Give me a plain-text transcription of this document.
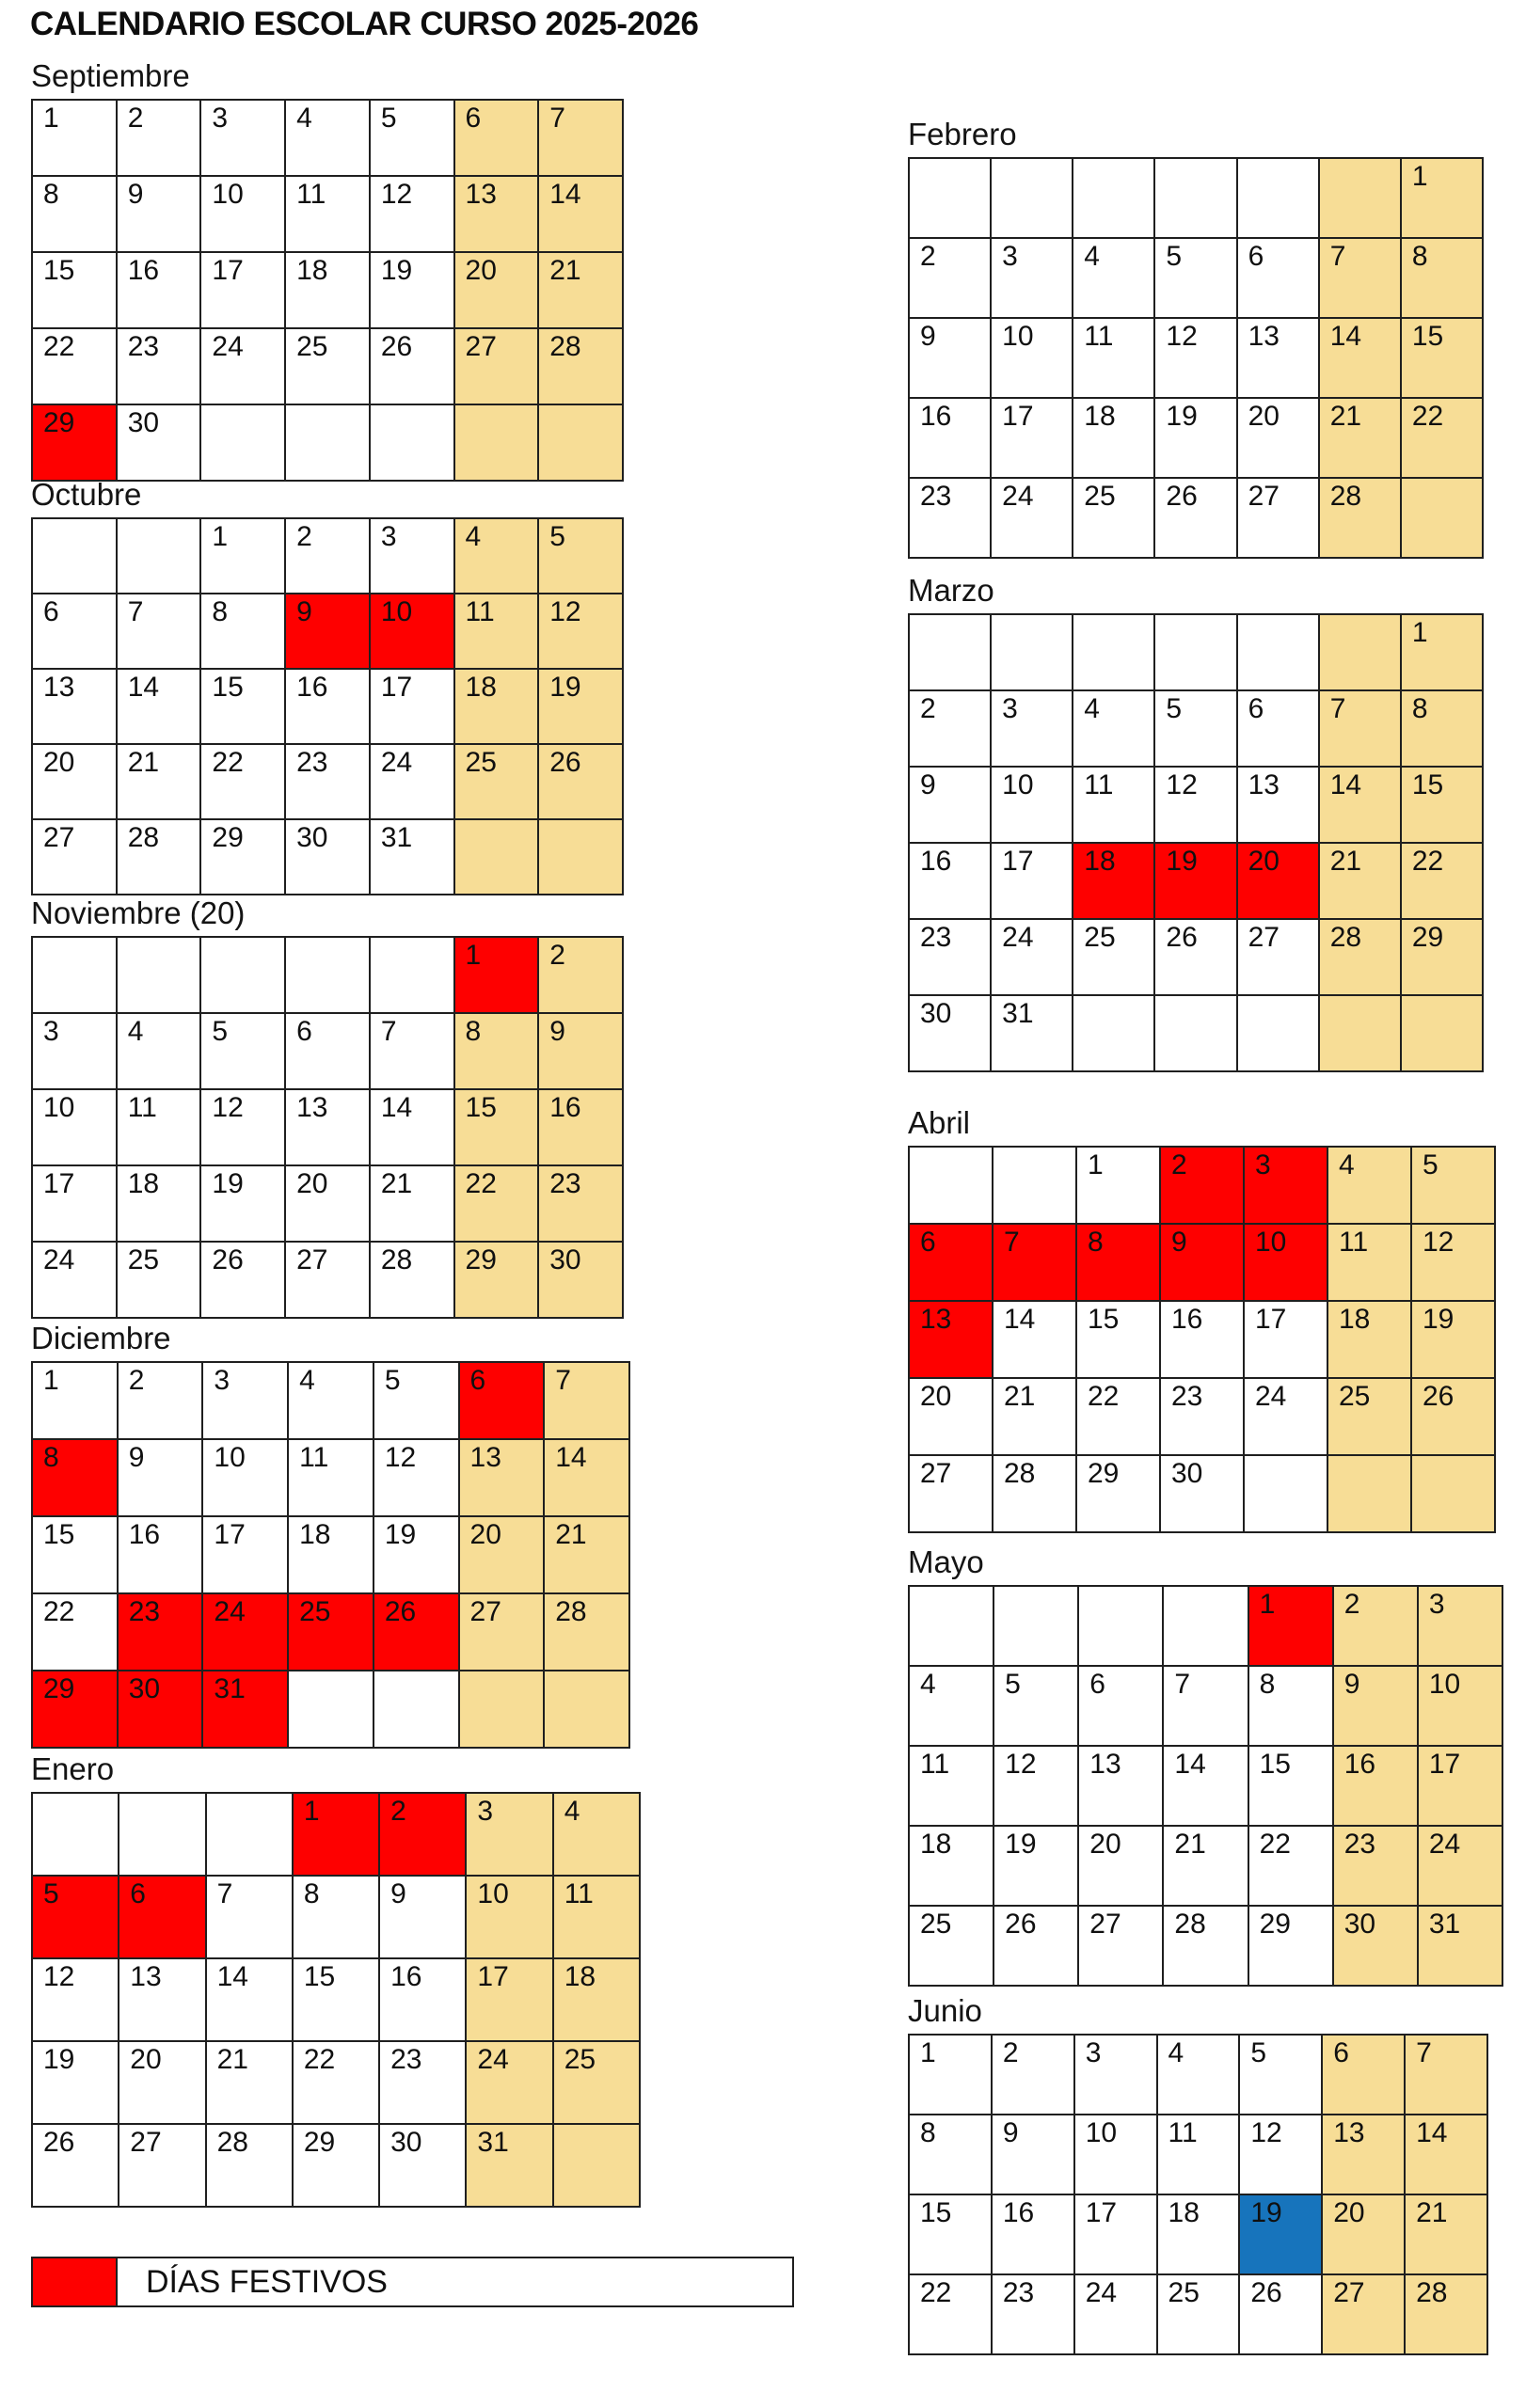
CALENDARIO ESCOLAR CURSO 2025-2026
Septiembre
1	2	3	4	5	6	7
8	9	10	11	12	13	14
15	16	17	18	19	20	21
22	23	24	25	26	27	28
29	30					
Octubre
		1	2	3	4	5
6	7	8	9	10	11	12
13	14	15	16	17	18	19
20	21	22	23	24	25	26
27	28	29	30	31		
Noviembre (20)
					1	2
3	4	5	6	7	8	9
10	11	12	13	14	15	16
17	18	19	20	21	22	23
24	25	26	27	28	29	30
Diciembre
1	2	3	4	5	6	7
8	9	10	11	12	13	14
15	16	17	18	19	20	21
22	23	24	25	26	27	28
29	30	31				
Enero
			1	2	3	4
5	6	7	8	9	10	11
12	13	14	15	16	17	18
19	20	21	22	23	24	25
26	27	28	29	30	31	
Febrero
						1
2	3	4	5	6	7	8
9	10	11	12	13	14	15
16	17	18	19	20	21	22
23	24	25	26	27	28	
Marzo
						1
2	3	4	5	6	7	8
9	10	11	12	13	14	15
16	17	18	19	20	21	22
23	24	25	26	27	28	29
30	31					
Abril
		1	2	3	4	5
6	7	8	9	10	11	12
13	14	15	16	17	18	19
20	21	22	23	24	25	26
27	28	29	30			
Mayo
				1	2	3
4	5	6	7	8	9	10
11	12	13	14	15	16	17
18	19	20	21	22	23	24
25	26	27	28	29	30	31
Junio
1	2	3	4	5	6	7
8	9	10	11	12	13	14
15	16	17	18	19	20	21
22	23	24	25	26	27	28
DÍAS FESTIVOS
